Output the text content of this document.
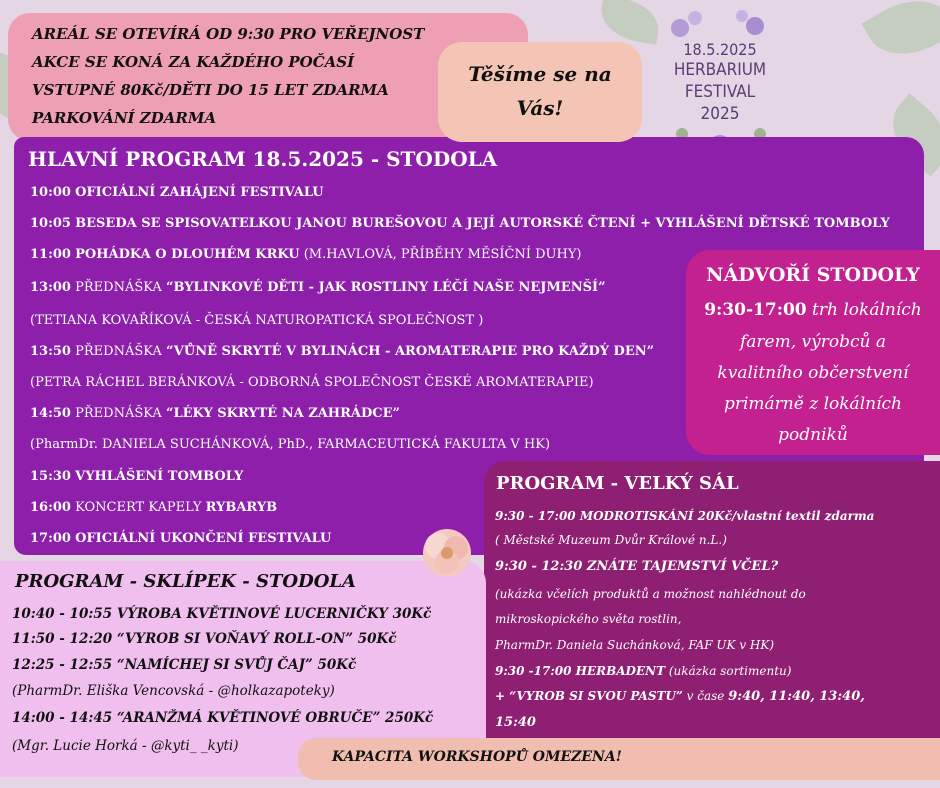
18.5.2025
HERBARIUM
FESTIVAL
2025
AREÁL SE OTEVÍRÁ OD 9:30 PRO VEŘEJNOST
AKCE SE KONÁ ZA KAŽDÉHO POČASÍ
VSTUPNÉ 80Kč/DĚTI DO 15 LET ZDARMA
PARKOVÁNÍ ZDARMA
HLAVNÍ PROGRAM 18.5.2025 - STODOLA
10:00 OFICIÁLNÍ ZAHÁJENÍ FESTIVALU
10:05 BESEDA SE SPISOVATELKOU JANOU BUREŠOVOU A JEJÍ AUTORSKÉ ČTENÍ + VYHLÁŠENÍ DĚTSKÉ TOMBOLY
11:00 POHÁDKA O DLOUHÉM KRKU (M.HAVLOVÁ, PŘÍBĚHY MĚSÍČNÍ DUHY)
13:00 PŘEDNÁŠKA “BYLINKOVÉ DĚTI - JAK ROSTLINY LÉČÍ NAŠE NEJMENŠÍ”
(TETIANA KOVAŘÍKOVÁ - ČESKÁ NATUROPATICKÁ SPOLEČNOST )
13:50 PŘEDNÁŠKA “VŮNĚ SKRYTÉ V BYLINÁCH - AROMATERAPIE PRO KAŽDÝ DEN”
(PETRA RÁCHEL BERÁNKOVÁ - ODBORNÁ SPOLEČNOST ČESKÉ AROMATERAPIE)
14:50 PŘEDNÁŠKA “LÉKY SKRYTÉ NA ZAHRÁDCE”
(PharmDr. DANIELA SUCHÁNKOVÁ, PhD., FARMACEUTICKÁ FAKULTA V HK)
15:30 VYHLÁŠENÍ TOMBOLY
16:00 KONCERT KAPELY RYBARYB
17:00 OFICIÁLNÍ UKONČENÍ FESTIVALU
Těšíme se na
Vás!
NÁDVOŘÍ STODOLY
9:30-17:00 trh lokálních
farem, výrobců a
kvalitního občerstvení
primárně z lokálních
podniků
PROGRAM - VELKÝ SÁL
9:30 - 17:00 MODROTISKÁNÍ 20Kč/vlastní textil zdarma
( Městské Muzeum Dvůr Králové n.L.)
9:30 - 12:30 ZNÁTE TAJEMSTVÍ VČEL?
(ukázka včelích produktů a možnost nahlédnout do
mikroskopického světa rostlin,
PharmDr. Daniela Suchánková, FAF UK v HK)
9:30 -17:00 HERBADENT (ukázka sortimentu)
+ “VYROB SI SVOU PASTU” v čase 9:40, 11:40, 13:40,
15:40
PROGRAM - SKLÍPEK - STODOLA
10:40 - 10:55 VÝROBA KVĚTINOVÉ LUCERNIČKY 30Kč
11:50 - 12:20 “VYROB SI VOŇAVÝ ROLL-ON” 50Kč
12:25 - 12:55 “NAMÍCHEJ SI SVŮJ ČAJ” 50Kč
(PharmDr. Eliška Vencovská - @holkazapoteky)
14:00 - 14:45 “ARANŽMÁ KVĚTINOVÉ OBRUČE” 250Kč
(Mgr. Lucie Horká - @kyti_ _kyti)
KAPACITA WORKSHOPŮ OMEZENA!
